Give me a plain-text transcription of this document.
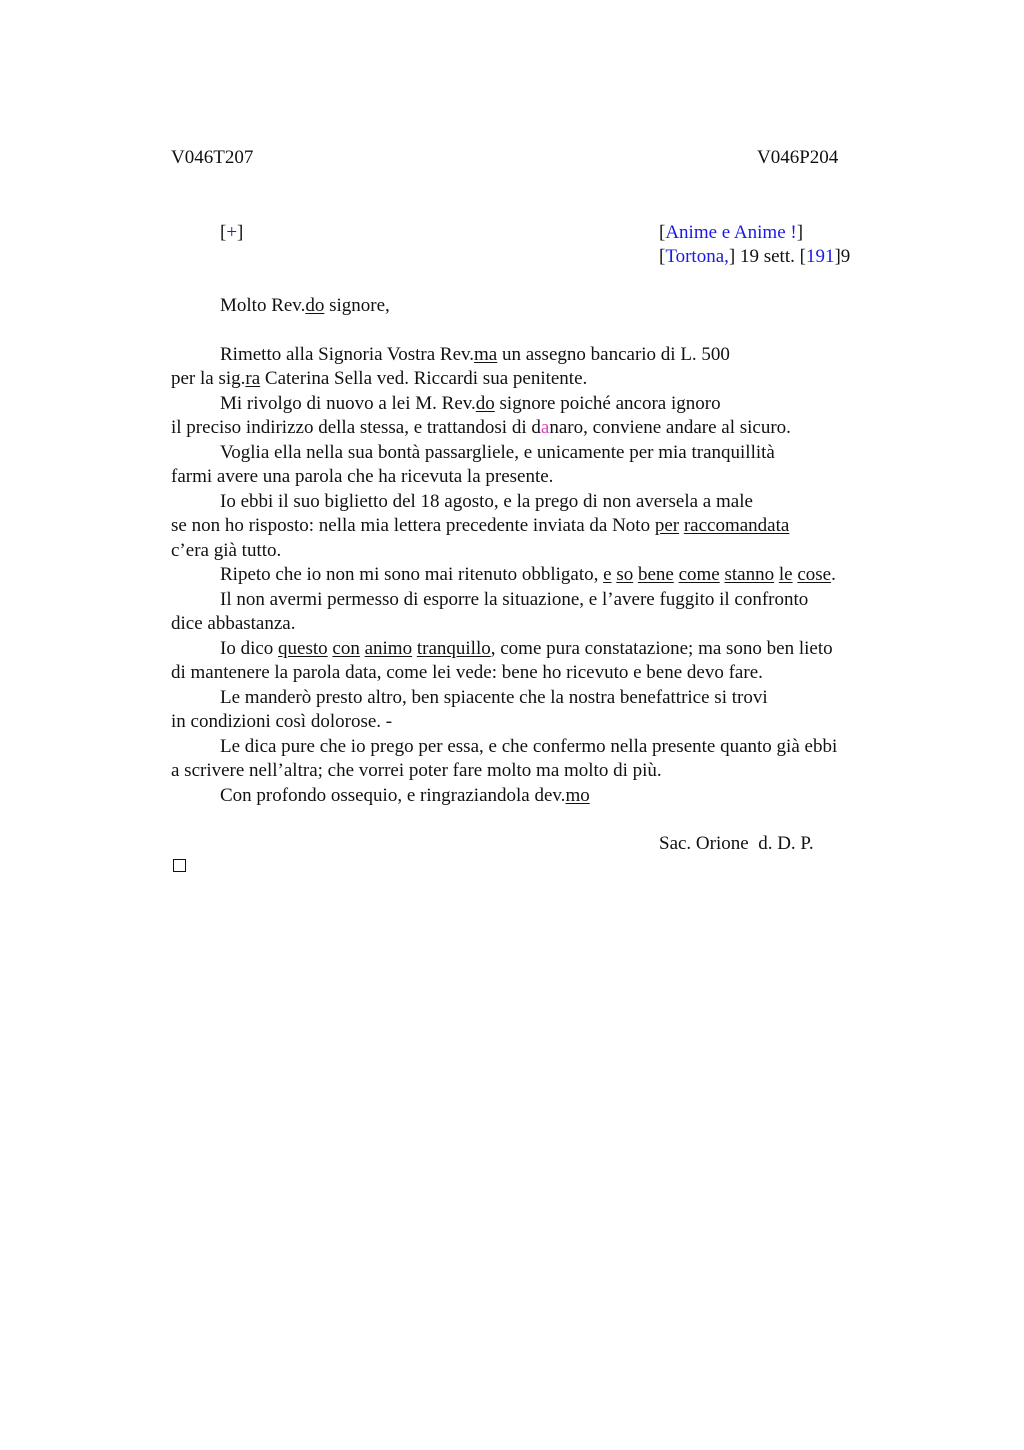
V046T207	V046P204
[+]	[Anime e Anime !]
[Tortona,] 19 sett. [191]9
Molto Rev.do signore,
Rimetto alla Signoria Vostra Rev.ma un assegno bancario di L. 500
per la sig.ra Caterina Sella ved. Riccardi sua penitente.
Mi rivolgo di nuovo a lei M. Rev.do signore poiché ancora ignoro
il preciso indirizzo della stessa, e trattandosi di danaro, conviene andare al sicuro.
Voglia ella nella sua bontà passargliele, e unicamente per mia tranquillità
farmi avere una parola che ha ricevuta la presente.
Io ebbi il suo biglietto del 18 agosto, e la prego di non aversela a male
se non ho risposto: nella mia lettera precedente inviata da Noto per raccomandata
c’era già tutto.
Ripeto che io non mi sono mai ritenuto obbligato, e so bene come stanno le cose.
Il non avermi permesso di esporre la situazione, e l’avere fuggito il confronto
dice abbastanza.
Io dico questo con animo tranquillo, come pura constatazione; ma sono ben lieto
di mantenere la parola data, come lei vede: bene ho ricevuto e bene devo fare.
Le manderò presto altro, ben spiacente che la nostra benefattrice si trovi
in condizioni così dolorose. -
Le dica pure che io prego per essa, e che confermo nella presente quanto già ebbi
a scrivere nell’altra; che vorrei poter fare molto ma molto di più.
Con profondo ossequio, e ringraziandola dev.mo
Sac. Orione  d. D. P.
